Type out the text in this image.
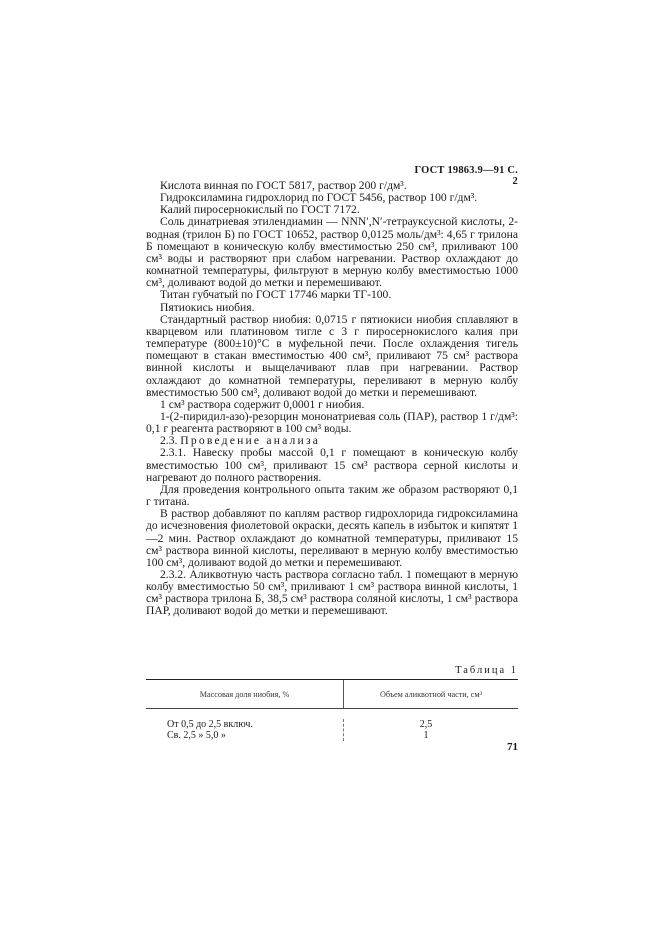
ГОСТ 19863.9—91 С. 2

Кислота винная по ГОСТ 5817, раствор 200 г/дм³.

Гидроксиламина гидрохлорид по ГОСТ 5456, раствор 100 г/дм³.

Калий пиросернокислый по ГОСТ 7172.

Соль динатриевая этилендиамин — NNN′,N′-тетрауксусной кислоты, 2-водная (трилон Б) по ГОСТ 10652, раствор 0,0125 моль/дм³: 4,65 г трилона Б помещают в коническую колбу вместимостью 250 см³, приливают 100 см³ воды и растворяют при слабом нагревании. Раствор охлаждают до комнатной температуры, фильтруют в мерную колбу вместимостью 1000 см³, доливают водой до метки и перемешивают.

Титан губчатый по ГОСТ 17746 марки ТГ-100.

Пятиокись ниобия.

Стандартный раствор ниобия: 0,0715 г пятиокиси ниобия сплавляют в кварцевом или платиновом тигле с 3 г пиросернокислого калия при температуре (800±10)°С в муфельной печи. После охлаждения тигель помещают в стакан вместимостью 400 см³, приливают 75 см³ раствора винной кислоты и выщелачивают плав при нагревании. Раствор охлаждают до комнатной температуры, переливают в мерную колбу вместимостью 500 см³, доливают водой до метки и перемешивают.

1 см³ раствора содержит 0,0001 г ниобия.

1-(2-пиридил-азо)-резорцин мононатриевая соль (ПАР), раствор 1 г/дм³: 0,1 г реагента растворяют в 100 см³ воды.

2.3. Проведение анализа

2.3.1. Навеску пробы массой 0,1 г помещают в коническую колбу вместимостью 100 см³, приливают 15 см³ раствора серной кислоты и нагревают до полного растворения.

Для проведения контрольного опыта таким же образом растворяют 0,1 г титана.

В раствор добавляют по каплям раствор гидрохлорида гидроксиламина до исчезновения фиолетовой окраски, десять капель в избыток и кипятят 1—2 мин. Раствор охлаждают до комнатной температуры, приливают 15 см³ раствора винной кислоты, переливают в мерную колбу вместимостью 100 см³, доливают водой до метки и перемешивают.

2.3.2. Аликвотную часть раствора согласно табл. 1 помещают в мерную колбу вместимостью 50 см³, приливают 1 см³ раствора винной кислоты, 1 см³ раствора трилона Б, 38,5 см³ раствора соляной кислоты, 1 см³ раствора ПАР, доливают водой до метки и перемешивают.

Таблица 1
Массовая доля ниобия, %	Объем аликвотной части, см³
От 0,5 до 2,5 включ.
Св. 2,5 » 5,0 »
2,5
1
71
